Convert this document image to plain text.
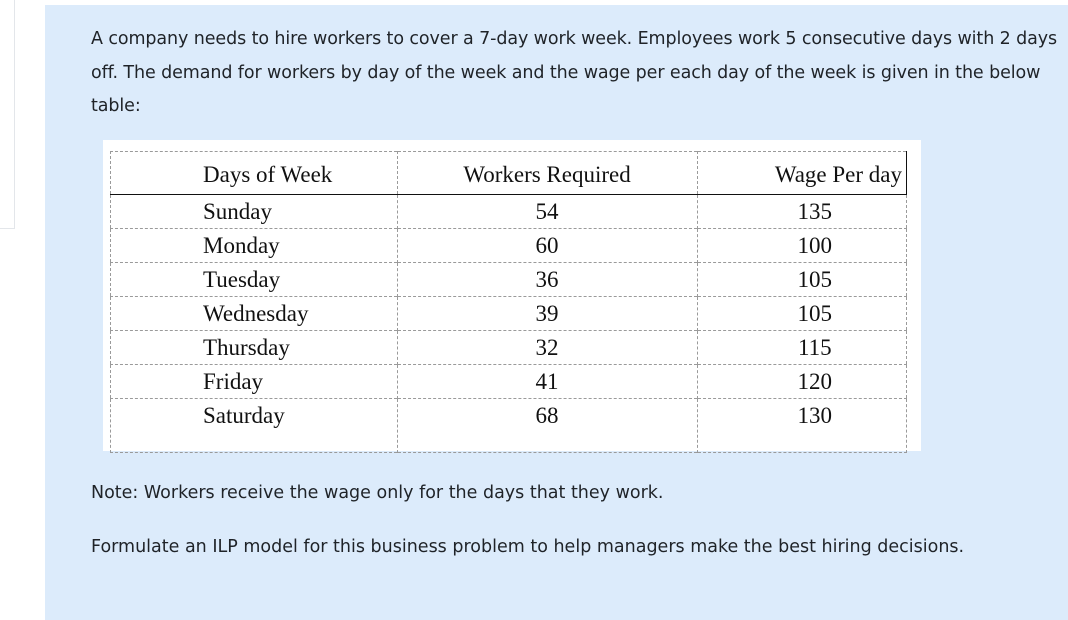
A company needs to hire workers to cover a 7-day work week. Employees work 5 consecutive days with 2 days off. The demand for workers by day of the week and the wage per each day of the week is given in the below table:

Days of Week	Workers Required	Wage Per day
Sunday	54	135
Monday	60	100
Tuesday	36	105
Wednesday	39	105
Thursday	32	115
Friday	41	120
Saturday	68	130

Note: Workers receive the wage only for the days that they work.

Formulate an ILP model for this business problem to help managers make the best hiring decisions.
